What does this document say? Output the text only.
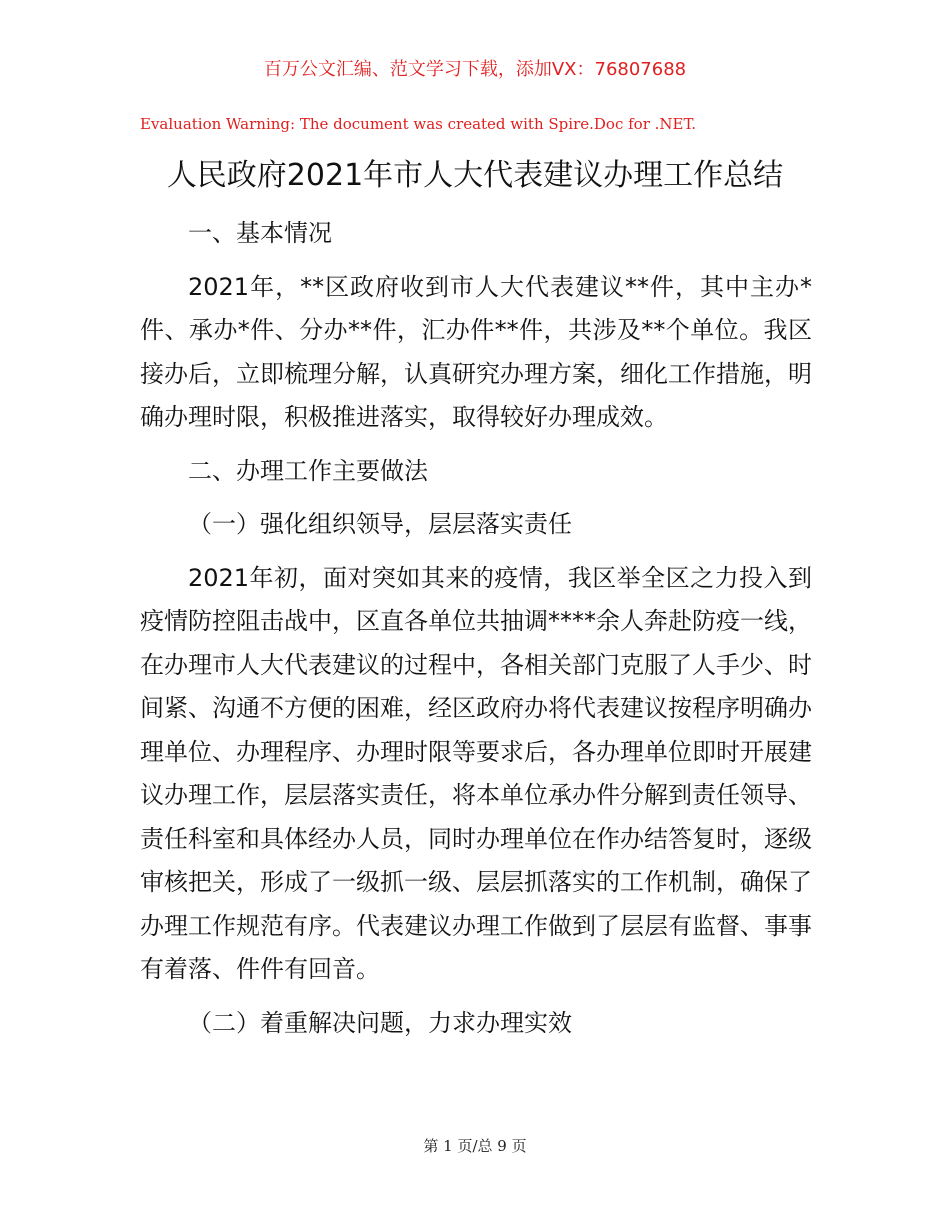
百万公文汇编、范文学习下载，添加VX：76807688
Evaluation Warning: The document was created with Spire.Doc for .NET.
人民政府2021年市人大代表建议办理工作总结

一、基本情况

2021年，**区政府收到市人大代表建议**件，其中主办*件、承办*件、分办**件，汇办件**件，共涉及**个单位。我区接办后，立即梳理分解，认真研究办理方案，细化工作措施，明确办理时限，积极推进落实，取得较好办理成效。

二、办理工作主要做法

（一）强化组织领导，层层落实责任

2021年初，面对突如其来的疫情，我区举全区之力投入到疫情防控阻击战中，区直各单位共抽调****余人奔赴防疫一线，在办理市人大代表建议的过程中，各相关部门克服了人手少、时间紧、沟通不方便的困难，经区政府办将代表建议按程序明确办理单位、办理程序、办理时限等要求后，各办理单位即时开展建议办理工作，层层落实责任，将本单位承办件分解到责任领导、责任科室和具体经办人员，同时办理单位在作办结答复时，逐级审核把关，形成了一级抓一级、层层抓落实的工作机制，确保了办理工作规范有序。代表建议办理工作做到了层层有监督、事事有着落、件件有回音。

（二）着重解决问题，力求办理实效

第 1 页/总 9 页
